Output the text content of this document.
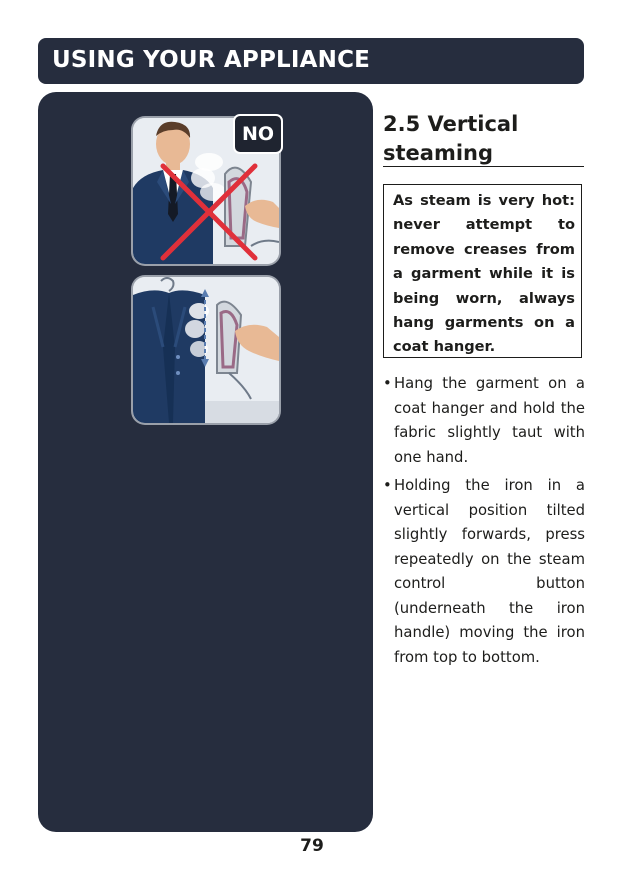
USING YOUR APPLIANCE
NO	2.5 Vertical steaming
As steam is very hot: never attempt to remove creases from a garment while it is being worn, always hang garments on a coat hanger.
• Hang the garment on a coat hanger and hold the fabric slightly taut with one hand.
• Holding the iron in a vertical position tilted slightly forwards, press repeatedly on the steam control button (underneath the iron handle) moving the iron from top to bottom.
79
